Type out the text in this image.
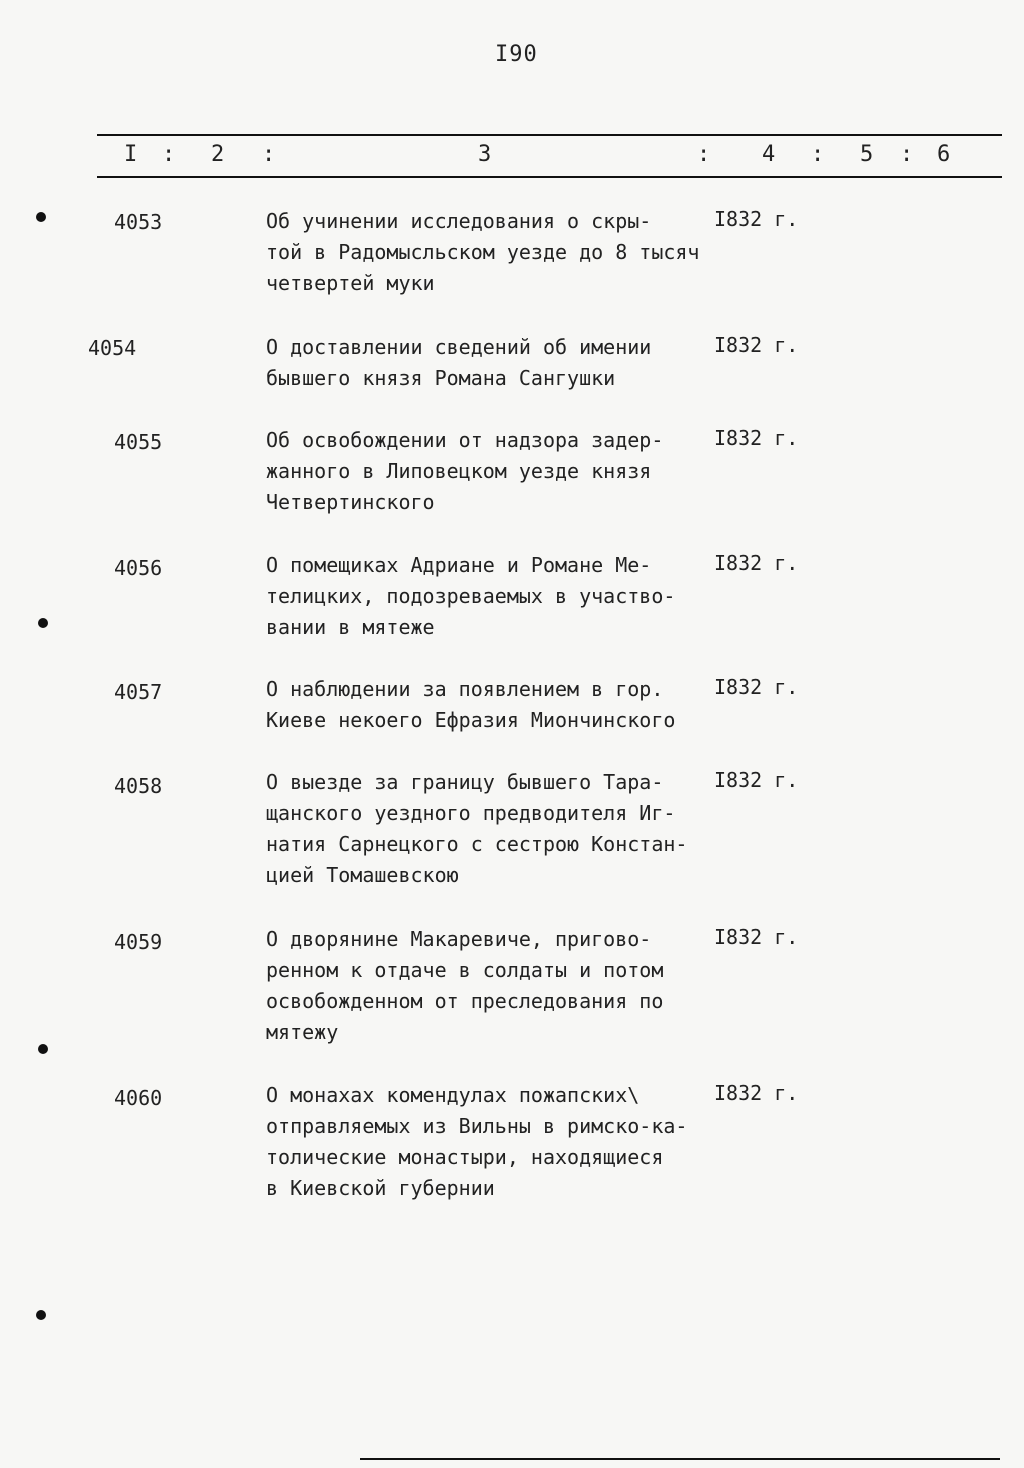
I90
I : 2 :	3	: 4 : 5 : 6
4053	Об учинении исследования о скры-
той в Радомысльском уезде до 8 тысяч
четвертей муки
I832 г.
4054	О доставлении сведений об имении
бывшего князя Романа Сангушки
I832 г.
4055	Об освобождении от надзора задер-
жанного в Липовецком уезде князя
Четвертинского
I832 г.
4056	О помещиках Адриане и Романе Ме-
телицких, подозреваемых в участво-
вании в мятеже
I832 г.
4057	О наблюдении за появлением в гор.
Киеве некоего Ефразия Миончинского
I832 г.
4058	О выезде за границу бывшего Тара-
щанского уездного предводителя Иг-
натия Сарнецкого с сестрою Констан-
цией Томашевскою
I832 г.
4059	О дворянине Макаревиче, пригово-
ренном к отдаче в солдаты и потом
освобожденном от преследования по
мятежу
I832 г.
4060	О монахах комендулах пожапских\
отправляемых из Вильны в римско-ка-
толические монастыри, находящиеся
в Киевской губернии
I832 г.
